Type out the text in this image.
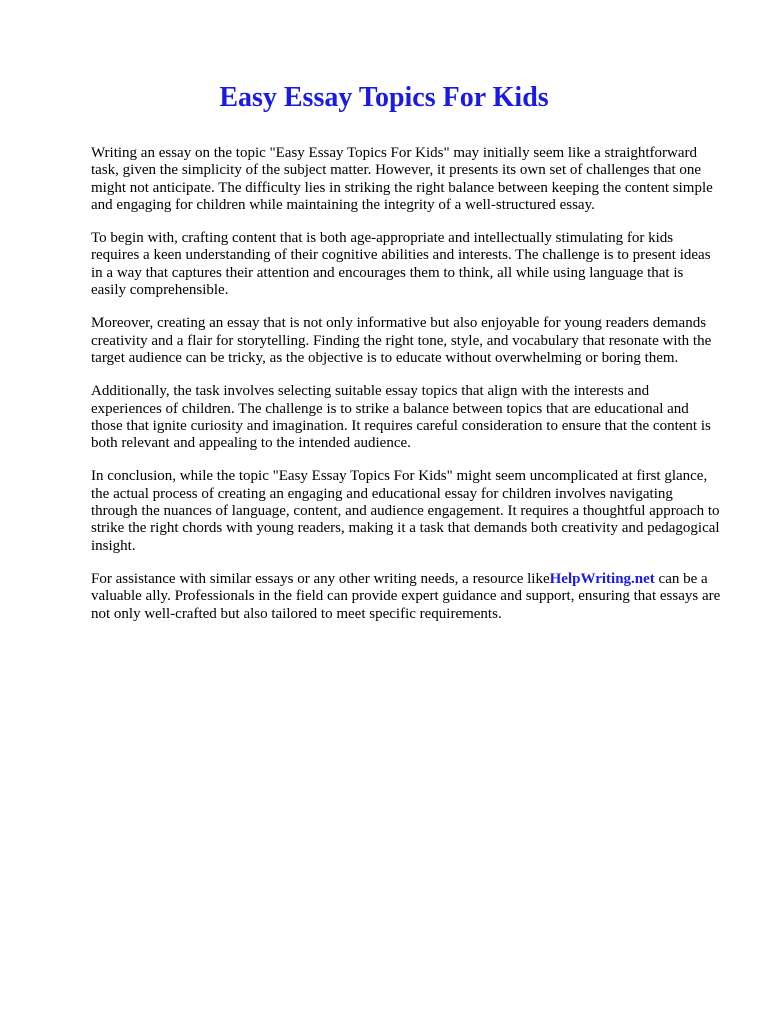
Easy Essay Topics For Kids

Writing an essay on the topic "Easy Essay Topics For Kids" may initially seem like a straightforward task, given the simplicity of the subject matter. However, it presents its own set of challenges that one might not anticipate. The difficulty lies in striking the right balance between keeping the content simple and engaging for children while maintaining the integrity of a well-structured essay.

To begin with, crafting content that is both age-appropriate and intellectually stimulating for kids requires a keen understanding of their cognitive abilities and interests. The challenge is to present ideas in a way that captures their attention and encourages them to think, all while using language that is easily comprehensible.

Moreover, creating an essay that is not only informative but also enjoyable for young readers demands creativity and a flair for storytelling. Finding the right tone, style, and vocabulary that resonate with the target audience can be tricky, as the objective is to educate without overwhelming or boring them.

Additionally, the task involves selecting suitable essay topics that align with the interests and experiences of children. The challenge is to strike a balance between topics that are educational and those that ignite curiosity and imagination. It requires careful consideration to ensure that the content is both relevant and appealing to the intended audience.

In conclusion, while the topic "Easy Essay Topics For Kids" might seem uncomplicated at first glance, the actual process of creating an engaging and educational essay for children involves navigating through the nuances of language, content, and audience engagement. It requires a thoughtful approach to strike the right chords with young readers, making it a task that demands both creativity and pedagogical insight.

For assistance with similar essays or any other writing needs, a resource likeHelpWriting.net can be a valuable ally. Professionals in the field can provide expert guidance and support, ensuring that essays are not only well-crafted but also tailored to meet specific requirements.
